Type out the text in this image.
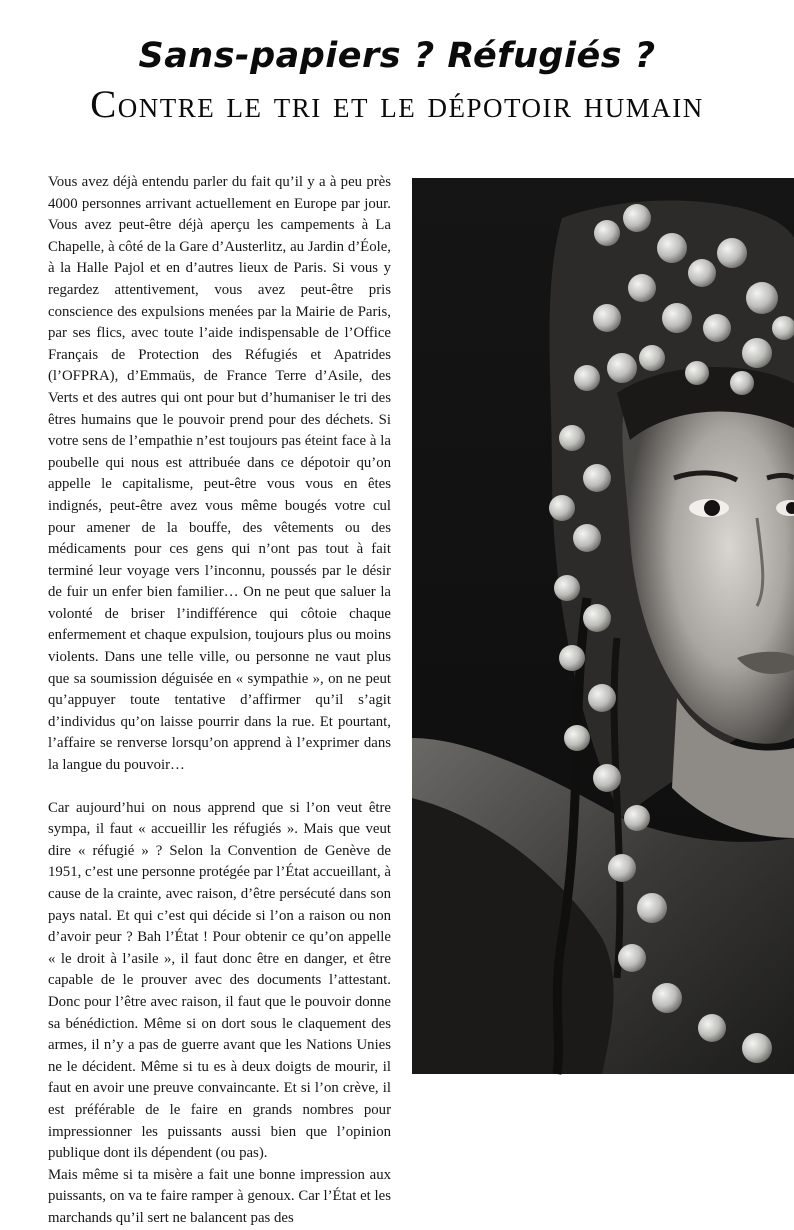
Sans-papiers ? Réfugiés ?
Contre le tri et le dépotoir humain

Vous avez déjà entendu parler du fait qu’il y a à peu près 4000 personnes arrivant actuellement en Europe par jour. Vous avez peut-être déjà aperçu les campements à La Chapelle, à côté de la Gare d’Austerlitz, au Jardin d’Éole, à la Halle Pajol et en d’autres lieux de Paris. Si vous y regardez attentivement, vous avez peut-être pris conscience des expulsions menées par la Mairie de Paris, par ses flics, avec toute l’aide indispensable de l’Office Français de Protection des Réfugiés et Apatrides (l’OFPRA), d’Emmaüs, de France Terre d’Asile, des Verts et des autres qui ont pour but d’humaniser le tri des êtres humains que le pouvoir prend pour des déchets. Si votre sens de l’empathie n’est toujours pas éteint face à la poubelle qui nous est attribuée dans ce dépotoir qu’on appelle le capitalisme, peut-être vous vous en êtes indignés, peut-être avez vous même bougés votre cul pour amener de la bouffe, des vêtements ou des médicaments pour ces gens qui n’ont pas tout à fait terminé leur voyage vers l’inconnu, poussés par le désir de fuir un enfer bien familier… On ne peut que saluer la volonté de briser l’indifférence qui côtoie chaque enfermement et chaque expulsion, toujours plus ou moins violents. Dans une telle ville, ou personne ne vaut plus que sa soumission déguisée en « sympathie », on ne peut qu’appuyer toute tentative d’affirmer qu’il s’agit d’individus qu’on laisse pourrir dans la rue. Et pourtant, l’affaire se renverse lorsqu’on apprend à l’exprimer dans la langue du pouvoir…

Car aujourd’hui on nous apprend que si l’on veut être sympa, il faut « accueillir les réfugiés ». Mais que veut dire « réfugié » ? Selon la Convention de Genève de 1951, c’est une personne protégée par l’État accueillant, à cause de la crainte, avec raison, d’être persécuté dans son pays natal. Et qui c’est qui décide si l’on a raison ou non d’avoir peur ? Bah l’État ! Pour obtenir ce qu’on appelle « le droit à l’asile », il faut donc être en danger, et être capable de le prouver avec des documents l’attestant. Donc pour l’être avec raison, il faut que le pouvoir donne sa bénédiction. Même si on dort sous le claquement des armes, il n’y a pas de guerre avant que les Nations Unies ne le décident. Même si tu es à deux doigts de mourir, il faut en avoir une preuve convaincante. Et si l’on crève, il est préférable de le faire en grands nombres pour impressionner les puissants aussi bien que l’opinion publique dont ils dépendent (ou pas).

Mais même si ta misère a fait une bonne impression aux puissants, on va te faire ramper à genoux. Car l’État et les marchands qu’il sert ne balancent pas des
